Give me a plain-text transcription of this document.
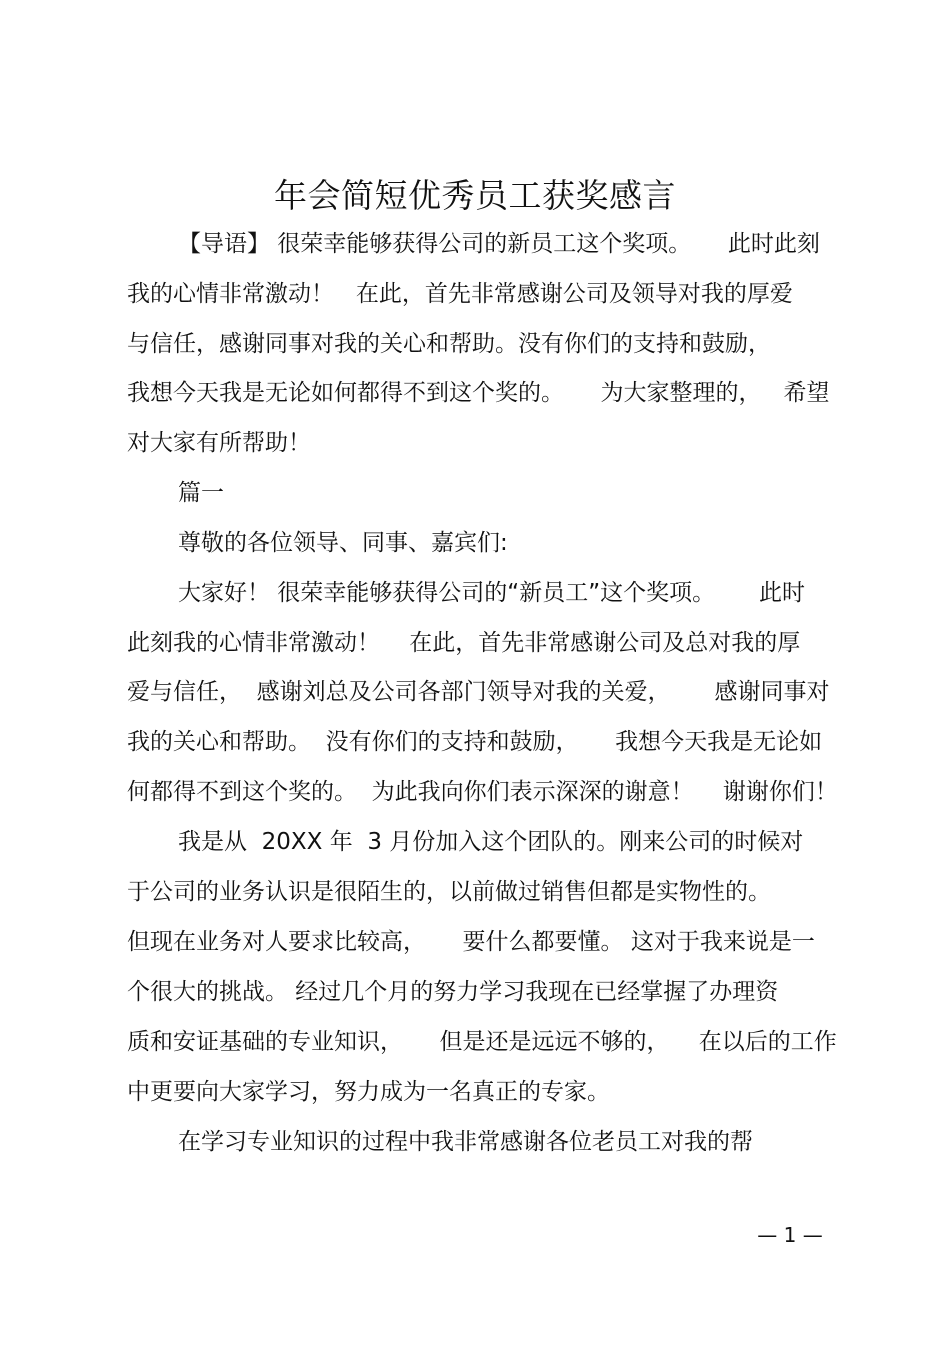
年会简短优秀员工获奖感言
【导语】 很荣幸能够获得公司的新员工这个奖项。     此时此刻
我的心情非常激动！   在此，首先非常感谢公司及领导对我的厚爱
与信任，感谢同事对我的关心和帮助。没有你们的支持和鼓励，
我想今天我是无论如何都得不到这个奖的。     为大家整理的，   希望
对大家有所帮助！
篇一
尊敬的各位领导、同事、嘉宾们:
大家好！ 很荣幸能够获得公司的“新员工”这个奖项。      此时
此刻我的心情非常激动！    在此，首先非常感谢公司及总对我的厚
爱与信任，  感谢刘总及公司各部门领导对我的关爱，      感谢同事对
我的关心和帮助。  没有你们的支持和鼓励，     我想今天我是无论如
何都得不到这个奖的。  为此我向你们表示深深的谢意！    谢谢你们！
我是从  20XX 年  3 月份加入这个团队的。刚来公司的时候对
于公司的业务认识是很陌生的，以前做过销售但都是实物性的。
但现在业务对人要求比较高，     要什么都要懂。 这对于我来说是一
个很大的挑战。 经过几个月的努力学习我现在已经掌握了办理资
质和安证基础的专业知识，     但是还是远远不够的，    在以后的工作
中更要向大家学习，努力成为一名真正的专家。
在学习专业知识的过程中我非常感谢各位老员工对我的帮
— 1 —
